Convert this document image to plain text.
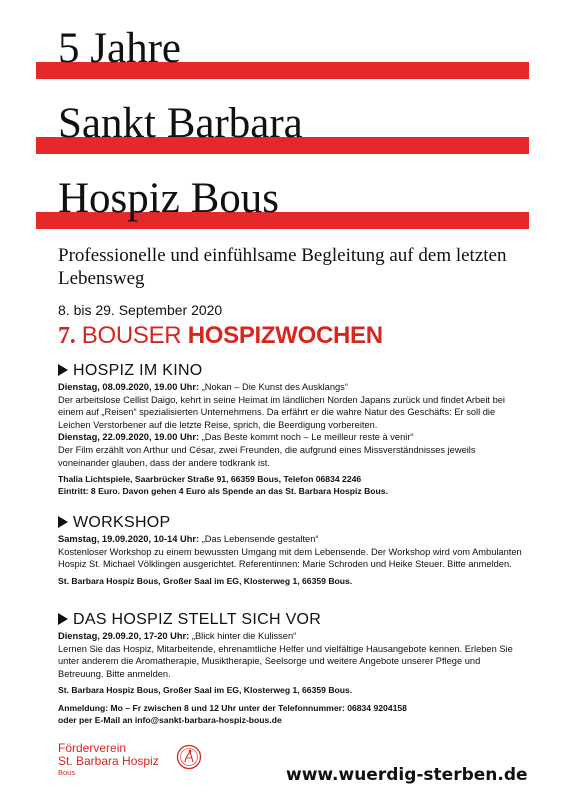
5 Jahre
Sankt Barbara
Hospiz Bous
Professionelle und einfühlsame Begleitung auf dem letzten Lebensweg
8. bis 29. September 2020
7. BOUSER HOSPIZWOCHEN
HOSPIZ IM KINO

Dienstag, 08.09.2020, 19.00 Uhr: „Nokan – Die Kunst des Ausklangs“

Der arbeitslose Cellist Daigo, kehrt in seine Heimat im ländlichen Norden Japans zurück und findet Arbeit bei einem auf „Reisen“ spezialisierten Unternehmens. Da erfährt er die wahre Natur des Geschäfts: Er soll die Leichen Verstorbener auf die letzte Reise, sprich, die Beerdigung vorbereiten.

Dienstag, 22.09.2020, 19.00 Uhr: „Das Beste kommt noch – Le meilleur reste à venir“

Der Film erzählt von Arthur und César, zwei Freunden, die aufgrund eines Missverständnisses jeweils voneinander glauben, dass der andere todkrank ist.

Thalia Lichtspiele, Saarbrücker Straße 91, 66359 Bous, Telefon 06834 2246

Eintritt: 8 Euro. Davon gehen 4 Euro als Spende an das St. Barbara Hospiz Bous.

WORKSHOP

Samstag, 19.09.2020, 10-14 Uhr: „Das Lebensende gestalten“

Kostenloser Workshop zu einem bewussten Umgang mit dem Lebensende. Der Workshop wird vom Ambulanten Hospiz St. Michael Völklingen ausgerichtet. Referentinnen: Marie Schroden und Heike Steuer. Bitte anmelden.

St. Barbara Hospiz Bous, Großer Saal im EG, Klosterweg 1, 66359 Bous.

DAS HOSPIZ STELLT SICH VOR

Dienstag, 29.09.20, 17-20 Uhr: „Blick hinter die Kulissen“

Lernen Sie das Hospiz, Mitarbeitende, ehrenamtliche Helfer und vielfältige Hausangebote kennen. Erleben Sie unter anderem die Aromatherapie, Musiktherapie, Seelsorge und weitere Angebote unserer Pflege und Betreuung. Bitte anmelden.

St. Barbara Hospiz Bous, Großer Saal im EG, Klosterweg 1, 66359 Bous.

Anmeldung: Mo – Fr zwischen 8 und 12 Uhr unter der Telefonnummer: 06834 9204158

oder per E-Mail an info@sankt-barbara-hospiz-bous.de

Förderverein
St. Barbara Hospiz
Bous	www.wuerdig-sterben.de
